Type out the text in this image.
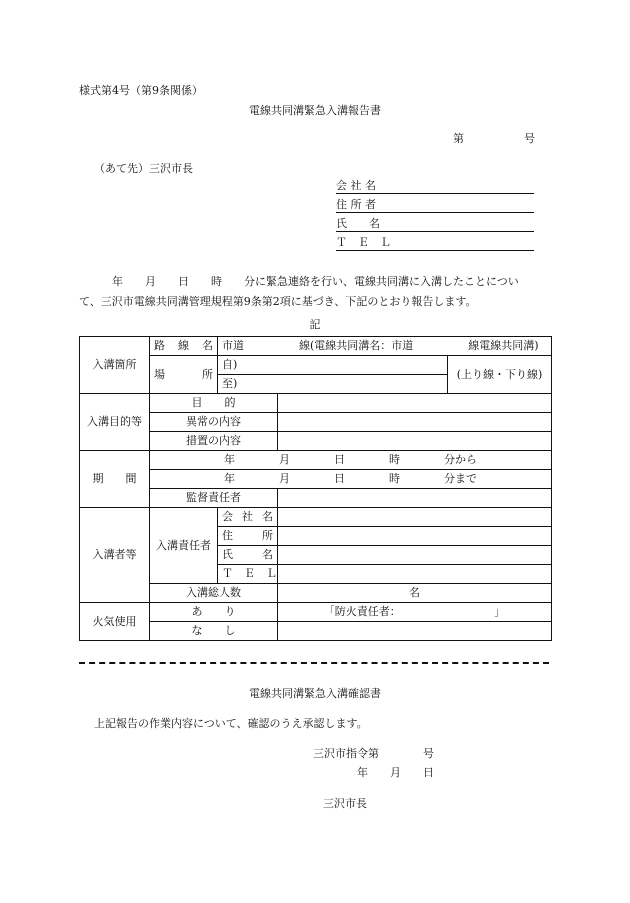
様式第4号（第9条関係）
電線共同溝緊急入溝報告書
第	号
（あて先）三沢市長
会 社 名
住 所 者
氏　　名
Ｔ　Ｅ　Ｌ
　　　年　　月　　日　　時　　分に緊急連絡を行い、電線共同溝に入溝したことについ
て、三沢市電線共同溝管理規程第9条第2項に基づき、下記のとおり報告します。
記
入溝箇所	路　線　名	市道　　　　　線(電線共同溝名：市道　　　　　線電線共同溝)		
	場　　　所	自)		(上り線・下り線)
		至)		
入溝目的等	目　　的			
	異常の内容			
	措置の内容			
期　　間	年　　　　月　　　　日　　　　時　　　　分から			
	年　　　　月　　　　日　　　　時　　　　分まで			
	監督責任者			
入溝者等	入溝責任者	会 社 名		
		住　　所		
		氏　　名		
		Ｔ　Ｅ　Ｌ		
	入溝総人数		名	
火気使用	あ　　り		「防火責任者：　　　　　　　　　」	
	な　　し			
電線共同溝緊急入溝確認書
上記報告の作業内容について、確認のうえ承認します。
三沢市指令第　　　　号
年　　月　　日
三沢市長
